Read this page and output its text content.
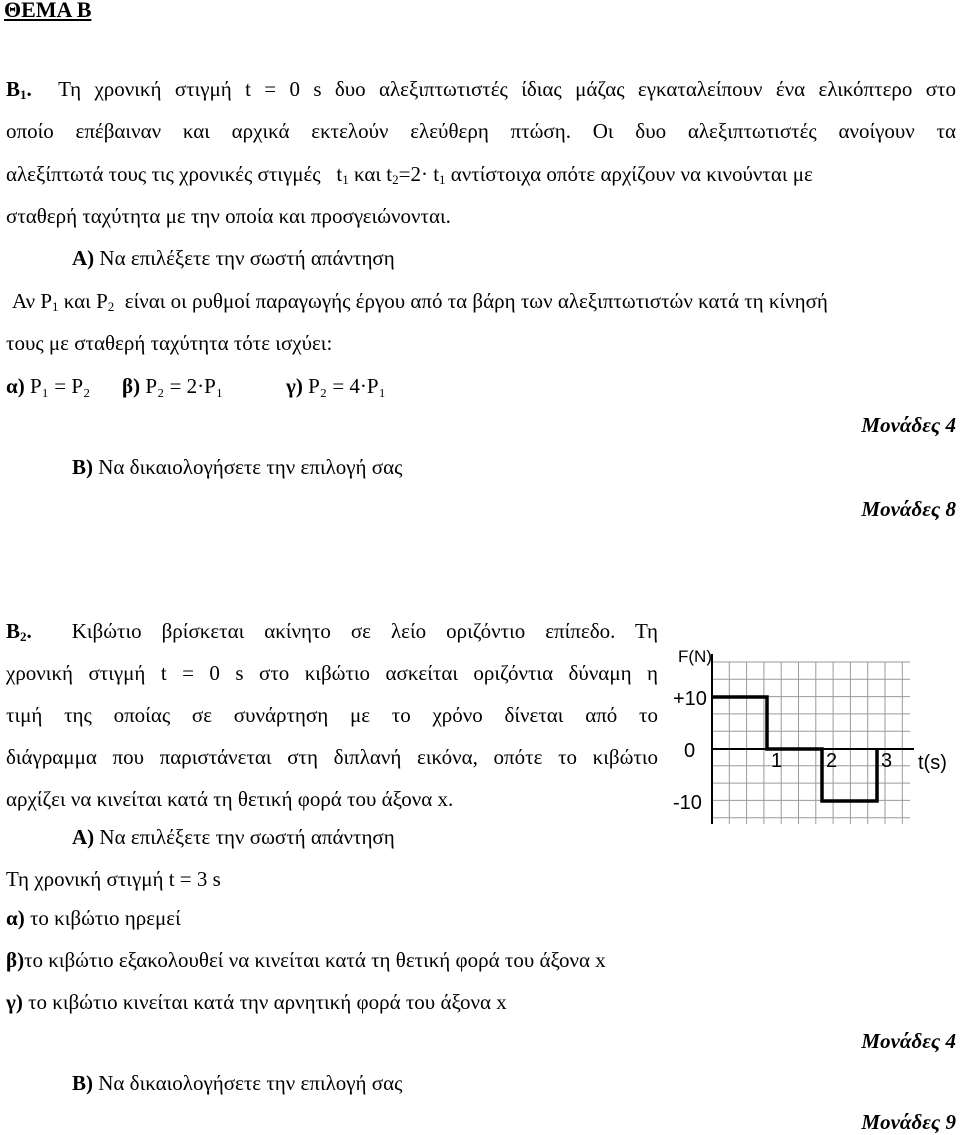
ΘΕΜΑ Β
$B_1$. Τη χρονική στιγμή t = 0 s δυο αλεξιπτωτιστές ίδιας μάζας εγκαταλείπουν ένα ελικόπτερο στο
οποίο επέβαιναν και αρχικά εκτελούν ελεύθερη πτώση. Οι δυο αλεξιπτωτιστές ανοίγουν τα
αλεξίπτωτά τους τις χρονικές στιγμές $t_1$ και $t_2=2\cdot t_1$ αντίστοιχα οπότε αρχίζουν να κινούνται με
σταθερή ταχύτητα με την οποία και προσγειώνονται.
Α) Να επιλέξετε την σωστή απάντηση
Αν $P_1$ και $P_2$ είναι οι ρυθμοί παραγωγής έργου από τα βάρη των αλεξιπτωτιστών κατά τη κίνησή
τους με σταθερή ταχύτητα τότε ισχύει:
α) P₁ = P₂ β) P₂ = 2·P₁	γ) P₂ = 4·P₁
Μονάδες 4
Β) Να δικαιολογήσετε την επιλογή σας
Μονάδες 8
$B_2$. Κιβώτιο βρίσκεται ακίνητο σε λείο οριζόντιο επίπεδο. Τη
χρονική στιγμή t = 0 s στο κιβώτιο ασκείται οριζόντια δύναμη η
τιμή της οποίας σε συνάρτηση με το χρόνο δίνεται από το
διάγραμμα που παριστάνεται στη διπλανή εικόνα, οπότε το κιβώτιο
αρχίζει να κινείται κατά τη θετική φορά του άξονα x.
Α) Να επιλέξετε την σωστή απάντηση
Τη χρονική στιγμή t = 3 s
α) το κιβώτιο ηρεμεί
β)το κιβώτιο εξακολουθεί να κινείται κατά τη θετική φορά του άξονα x
γ) το κιβώτιο κινείται κατά την αρνητική φορά του άξονα x
Μονάδες 4
Β) Να δικαιολογήσετε την επιλογή σας
Μονάδες 9
F(N)
t(s)
1 2 3
+10
0
-10
